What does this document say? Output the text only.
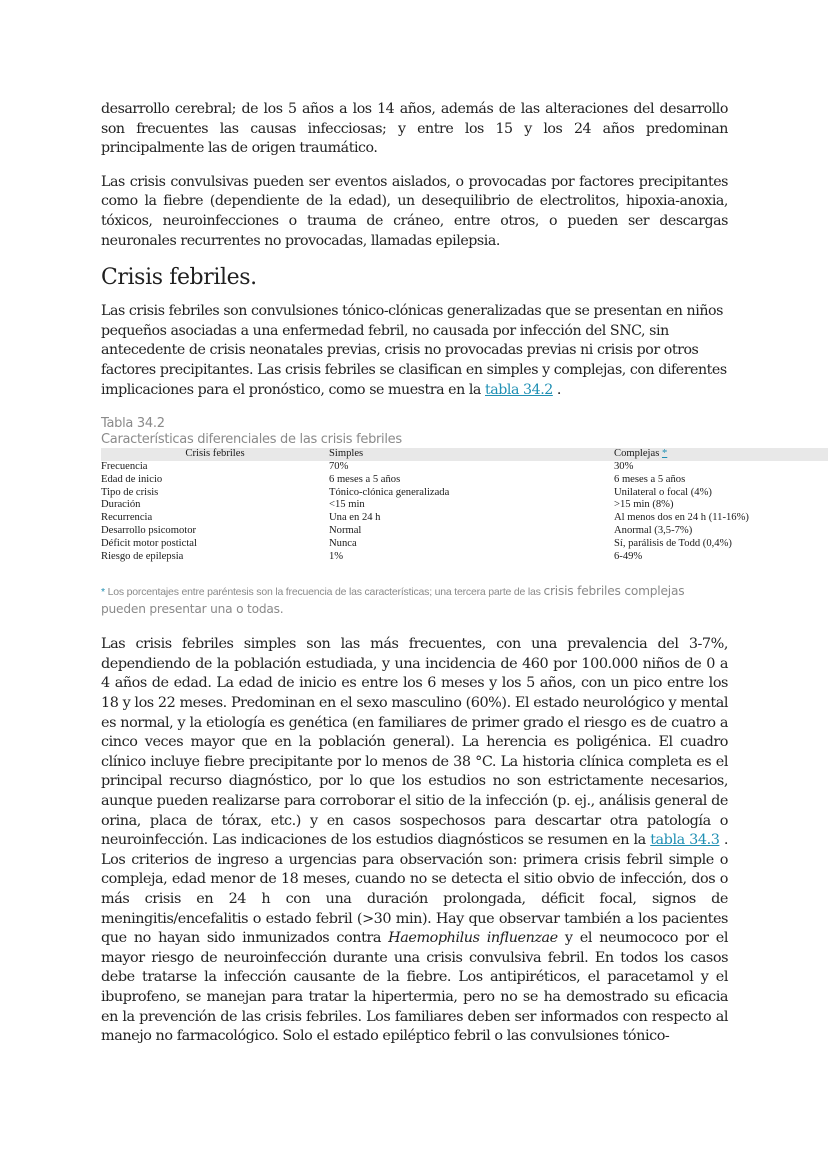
desarrollo cerebral; de los 5 años a los 14 años, además de las alteraciones del desarrollo son frecuentes las causas infecciosas; y entre los 15 y los 24 años predominan principalmente las de origen traumático.

Las crisis convulsivas pueden ser eventos aislados, o provocadas por factores precipitantes como la fiebre (dependiente de la edad), un desequilibrio de electrolitos, hipoxia-anoxia, tóxicos, neuroinfecciones o trauma de cráneo, entre otros, o pueden ser descargas neuronales recurrentes no provocadas, llamadas epilepsia.

Crisis febriles.

Las crisis febriles son convulsiones tónico-clónicas generalizadas que se presentan en niños pequeños asociadas a una enfermedad febril, no causada por infección del SNC, sin antecedente de crisis neonatales previas, crisis no provocadas previas ni crisis por otros factores precipitantes. Las crisis febriles se clasifican en simples y complejas, con diferentes implicaciones para el pronóstico, como se muestra en la tabla 34.2 .

Tabla 34.2
Características diferenciales de las crisis febriles
Crisis febriles	Simples	Complejas *
Frecuencia	70%	30%
Edad de inicio	6 meses a 5 años	6 meses a 5 años
Tipo de crisis	Tónico-clónica generalizada	Unilateral o focal (4%)
Duración	<15 min	>15 min (8%)
Recurrencia	Una en 24 h	Al menos dos en 24 h (11-16%)
Desarrollo psicomotor	Normal	Anormal (3,5-7%)
Déficit motor postictal	Nunca	Sí, parálisis de Todd (0,4%)
Riesgo de epilepsia	1%	6-49%
* Los porcentajes entre paréntesis son la frecuencia de las características; una tercera parte de las crisis febriles complejas pueden presentar una o todas.

Las crisis febriles simples son las más frecuentes, con una prevalencia del 3-7%, dependiendo de la población estudiada, y una incidencia de 460 por 100.000 niños de 0 a 4 años de edad. La edad de inicio es entre los 6 meses y los 5 años, con un pico entre los 18 y los 22 meses. Predominan en el sexo masculino (60%). El estado neurológico y mental es normal, y la etiología es genética (en familiares de primer grado el riesgo es de cuatro a cinco veces mayor que en la población general). La herencia es poligénica. El cuadro clínico incluye fiebre precipitante por lo menos de 38 °C. La historia clínica completa es el principal recurso diagnóstico, por lo que los estudios no son estrictamente necesarios, aunque pueden realizarse para corroborar el sitio de la infección (p. ej., análisis general de orina, placa de tórax, etc.) y en casos sospechosos para descartar otra patología o neuroinfección. Las indicaciones de los estudios diagnósticos se resumen en la tabla 34.3 . Los criterios de ingreso a urgencias para observación son: primera crisis febril simple o compleja, edad menor de 18 meses, cuando no se detecta el sitio obvio de infección, dos o más crisis en 24 h con una duración prolongada, déficit focal, signos de meningitis/encefalitis o estado febril (>30 min). Hay que observar también a los pacientes que no hayan sido inmunizados contra Haemophilus influenzae y el neumococo por el mayor riesgo de neuroinfección durante una crisis convulsiva febril. En todos los casos debe tratarse la infección causante de la fiebre. Los antipiréticos, el paracetamol y el ibuprofeno, se manejan para tratar la hipertermia, pero no se ha demostrado su eficacia en la prevención de las crisis febriles. Los familiares deben ser informados con respecto al manejo no farmacológico. Solo el estado epiléptico febril o las convulsiones tónico-
